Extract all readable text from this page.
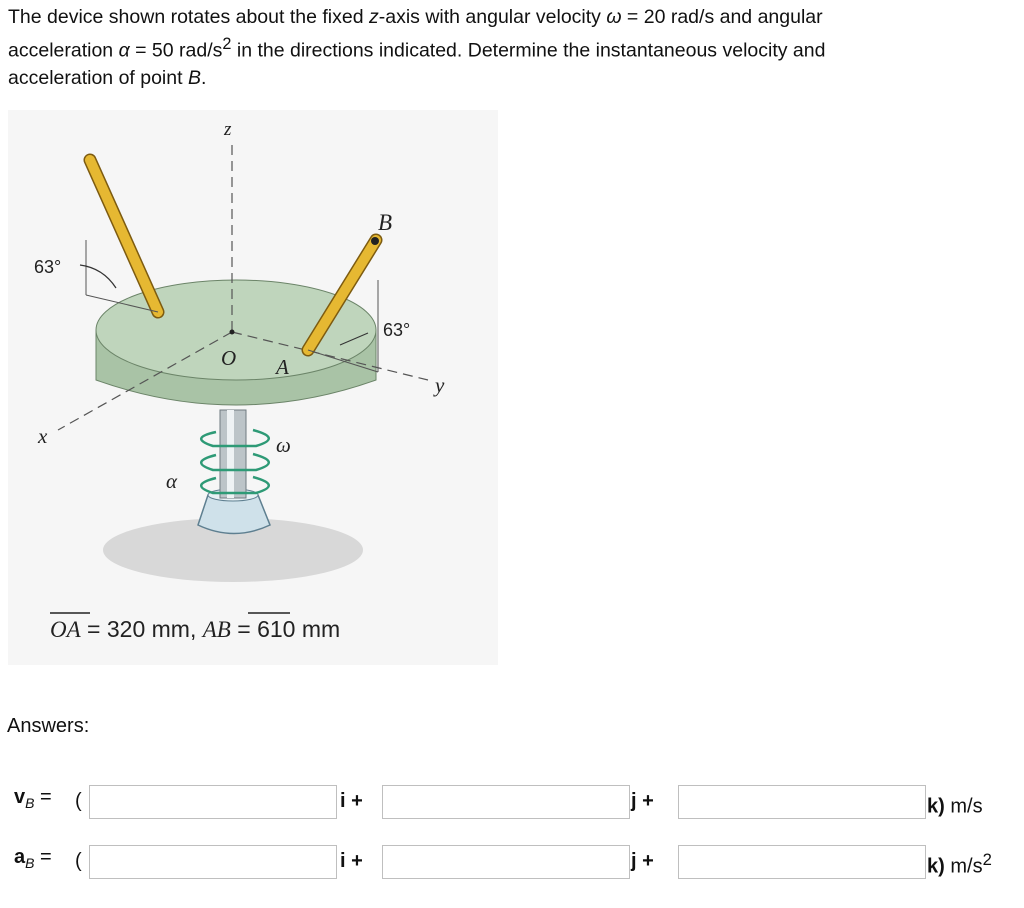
The device shown rotates about the fixed z-axis with angular velocity ω = 20 rad/s and angular
acceleration α = 50 rad/$s^2$ in the directions indicated. Determine the instantaneous velocity and
acceleration of point B.
z
B
63°
63°
O A
y
x	ω
α
OA = 320 mm, AB = 610 mm
Answers:
$v_B$ = (	i +	j +	k) m/s
$a_B$ = (	i +	j +	k) $m/s^2$
